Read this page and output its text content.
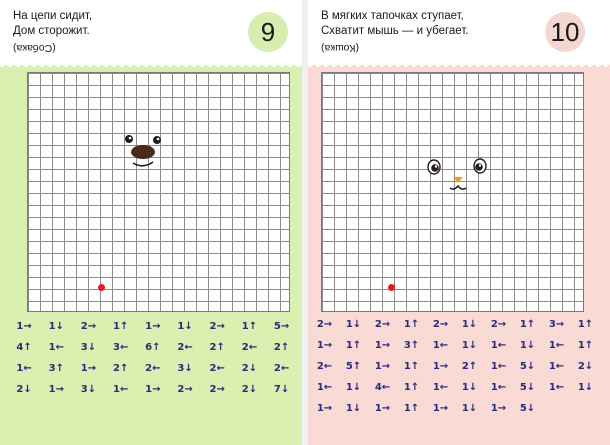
На цепи сидит,
Дом сторожит.
(Собака)
9
1→	1↓	2→	1↑	1→	1↓	2→	1↑	5→
4↑	1←	3↓	3←	6↑	2←	2↑	2←	2↑
1←	3↑	1→	2↑	2←	3↓	2←	2↓	2←
2↓	1→	3↓	1←	1→	2→	2→	2↓	7↓
В мягких тапочках ступает,
Схватит мышь — и убегает.
(Кошка)
10
2→	1↓	2→	1↑	2→	1↓	2→	1↑	3→	1↑
1→	1↑	1→	3↑	1←	1↓	1←	1↓	1←	1↑
2←	5↑	1→	1↑	1→	2↑	1←	5↓	1←	2↓
1←	1↓	4←	1↑	1←	1↓	1←	5↓	1←	1↓
1→	1↓	1→	1↑	1→	1↓	1→	5↓
